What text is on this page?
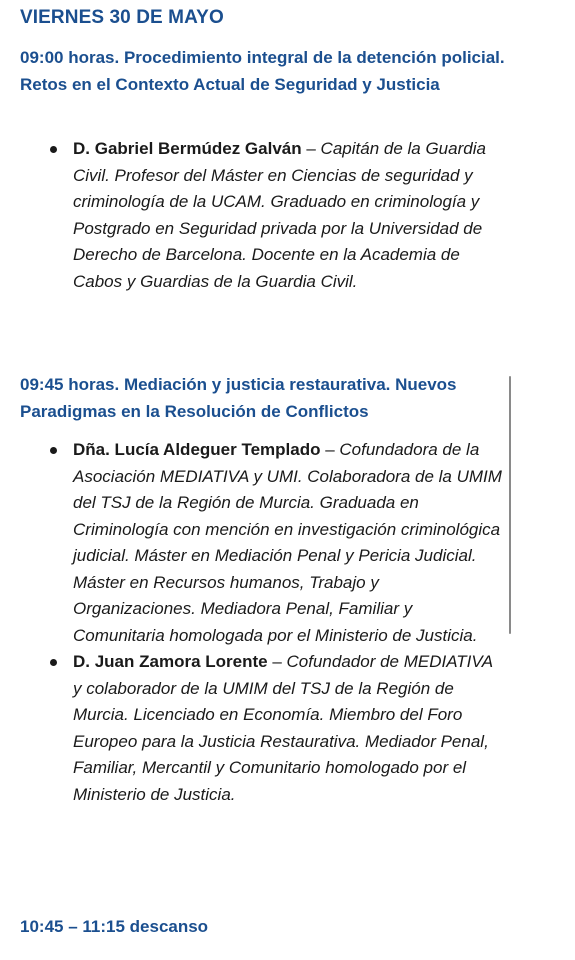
VIERNES 30 DE MAYO
09:00 horas. Procedimiento integral de la detención policial. Retos en el Contexto Actual de Seguridad y Justicia
D. Gabriel Bermúdez Galván – Capitán de la Guardia Civil. Profesor del Máster en Ciencias de seguridad y criminología de la UCAM. Graduado en criminología y Postgrado en Seguridad privada por la Universidad de Derecho de Barcelona. Docente en la Academia de Cabos y Guardias de la Guardia Civil.
09:45 horas. Mediación y justicia restaurativa. Nuevos Paradigmas en la Resolución de Conflictos
Dña. Lucía Aldeguer Templado – Cofundadora de la Asociación MEDIATIVA y UMI. Colaboradora de la UMIM del TSJ de la Región de Murcia. Graduada en Criminología con mención en investigación criminológica judicial. Máster en Mediación Penal y Pericia Judicial. Máster en Recursos humanos, Trabajo y Organizaciones. Mediadora Penal, Familiar y Comunitaria homologada por el Ministerio de Justicia.
D. Juan Zamora Lorente – Cofundador de MEDIATIVA y colaborador de la UMIM del TSJ de la Región de Murcia. Licenciado en Economía. Miembro del Foro Europeo para la Justicia Restaurativa. Mediador Penal, Familiar, Mercantil y Comunitario homologado por el Ministerio de Justicia.
10:45 – 11:15 descanso
